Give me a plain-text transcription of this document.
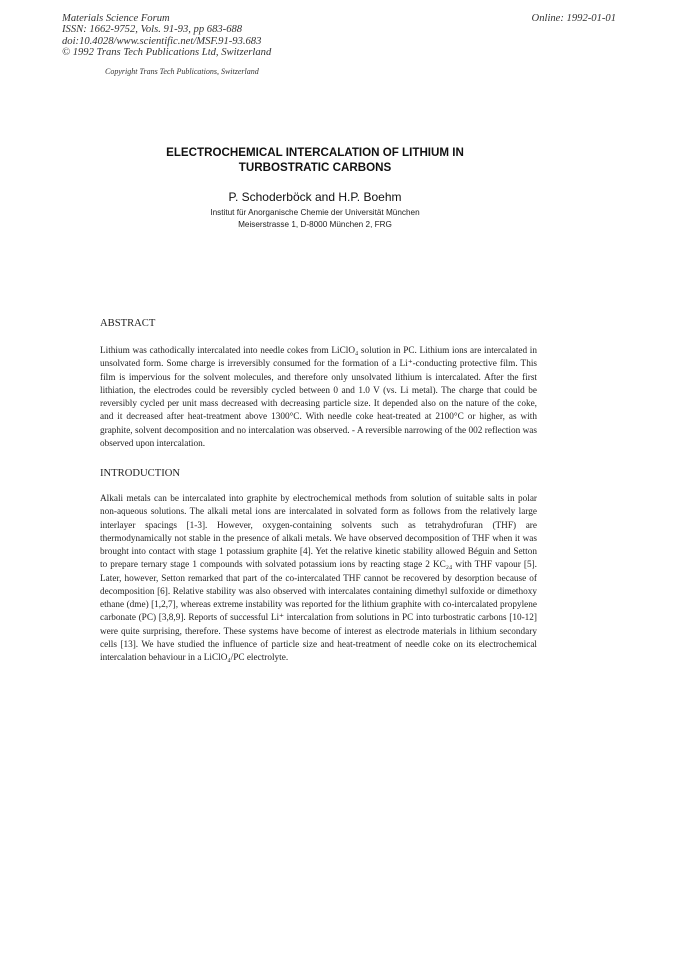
Materials Science Forum
ISSN: 1662-9752, Vols. 91-93, pp 683-688
doi:10.4028/www.scientific.net/MSF.91-93.683
© 1992 Trans Tech Publications Ltd, Switzerland
Online: 1992-01-01
Copyright Trans Tech Publications, Switzerland
ELECTROCHEMICAL INTERCALATION OF LITHIUM IN
TURBOSTRATIC CARBONS
P. Schoderböck and H.P. Boehm
Institut für Anorganische Chemie der Universität München
Meiserstrasse 1, D-8000 München 2, FRG
ABSTRACT

Lithium was cathodically intercalated into needle cokes from LiClO₄ solution in PC. Lithium ions are intercalated in unsolvated form. Some charge is irreversibly consumed for the formation of a Li⁺-conducting protective film. This film is impervious for the solvent molecules, and therefore only unsolvated lithium is intercalated. After the first lithiation, the electrodes could be reversibly cycled between 0 and 1.0 V (vs. Li metal). The charge that could be reversibly cycled per unit mass decreased with decreasing particle size. It depended also on the nature of the coke, and it decreased after heat-treatment above 1300°C. With needle coke heat-treated at 2100°C or higher, as with graphite, solvent decomposition and no intercalation was observed. - A reversible narrowing of the 002 reflection was observed upon intercalation.

INTRODUCTION

Alkali metals can be intercalated into graphite by electrochemical methods from solution of suitable salts in polar non-aqueous solutions. The alkali metal ions are intercalated in solvated form as follows from the relatively large interlayer spacings [1-3]. However, oxygen-containing solvents such as tetrahydrofuran (THF) are thermodynamically not stable in the presence of alkali metals. We have observed decomposition of THF when it was brought into contact with stage 1 potassium graphite [4]. Yet the relative kinetic stability allowed Béguin and Setton to prepare ternary stage 1 compounds with solvated potassium ions by reacting stage 2 KC₂₄ with THF vapour [5]. Later, however, Setton remarked that part of the co-intercalated THF cannot be recovered by desorption because of decomposition [6]. Relative stability was also observed with intercalates containing dimethyl sulfoxide or dimethoxy ethane (dme) [1,2,7], whereas extreme instability was reported for the lithium graphite with co-intercalated propylene carbonate (PC) [3,8,9]. Reports of successful Li⁺ intercalation from solutions in PC into turbostratic carbons [10-12] were quite surprising, therefore. These systems have become of interest as electrode materials in lithium secondary cells [13]. We have studied the influence of particle size and heat-treatment of needle coke on its electrochemical intercalation behaviour in a LiClO₄/PC electrolyte.
